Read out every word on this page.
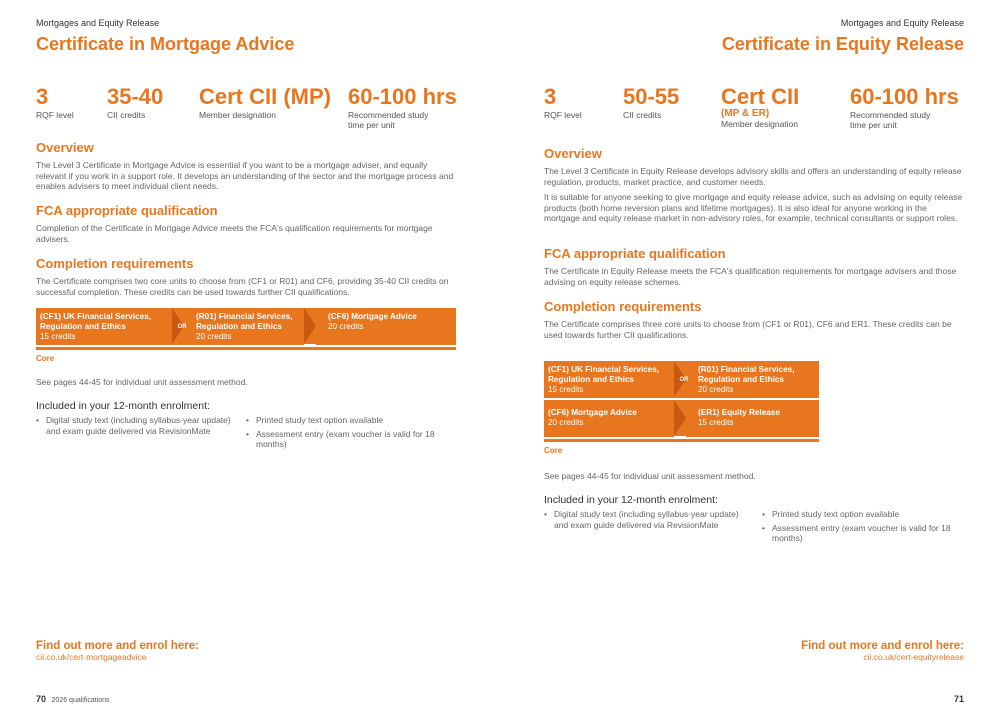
Mortgages and Equity Release
Certificate in Mortgage Advice
3
RQF level
35-40
CII credits
Cert CII (MP)
Member designation
60-100 hrs
Recommended study
time per unit
Overview
The Level 3 Certificate in Mortgage Advice is essential if you want to be a mortgage adviser, and equally relevant if you work in a support role. It develops an understanding of the sector and the mortgage process and enables advisers to meet individual client needs.
FCA appropriate qualification
Completion of the Certificate in Mortgage Advice meets the FCA's qualification requirements for mortgage advisers.
Completion requirements
The Certificate comprises two core units to choose from (CF1 or R01) and CF6, providing 35-40 CII credits on successful completion. These credits can be used towards further CII qualifications.
(CF1) UK Financial Services, Regulation and Ethics
15 credits
OR
(R01) Financial Services, Regulation and Ethics
20 credits
(CF6) Mortgage Advice
20 credits
Core
See pages 44-45 for individual unit assessment method.
Included in your 12-month enrolment:
• Digital study text (including syllabus-year update) and exam guide delivered via RevisionMate
• Printed study text option available
• Assessment entry (exam voucher is valid for 18 months)
Find out more and enrol here:
cii.co.uk/cert-mortgageadvice
70 2026 qualifications
Mortgages and Equity Release
Certificate in Equity Release
3
RQF level
50-55
CII credits
Cert CII
(MP & ER)
Member designation
60-100 hrs
Recommended study
time per unit
Overview
The Level 3 Certificate in Equity Release develops advisory skills and offers an understanding of equity release regulation, products, market practice, and customer needs.
It is suitable for anyone seeking to give mortgage and equity release advice, such as advising on equity release products (both home reversion plans and lifetime mortgages). It is also ideal for anyone working in the mortgage and equity release market in non-advisory roles, for example, technical consultants or support roles.
FCA appropriate qualification
The Certificate in Equity Release meets the FCA's qualification requirements for mortgage advisers and those advising on equity release schemes.
Completion requirements
The Certificate comprises three core units to choose from (CF1 or R01), CF6 and ER1. These credits can be used towards further CII qualifications.
(CF1) UK Financial Services, Regulation and Ethics
15 credits
OR
(R01) Financial Services, Regulation and Ethics
20 credits
(CF6) Mortgage Advice
20 credits
(ER1) Equity Release
15 credits
Core
See pages 44-45 for individual unit assessment method.
Included in your 12-month enrolment:
• Digital study text (including syllabus-year update) and exam guide delivered via RevisionMate
• Printed study text option available
• Assessment entry (exam voucher is valid for 18 months)
Find out more and enrol here:
cii.co.uk/cert-equityrelease
71
